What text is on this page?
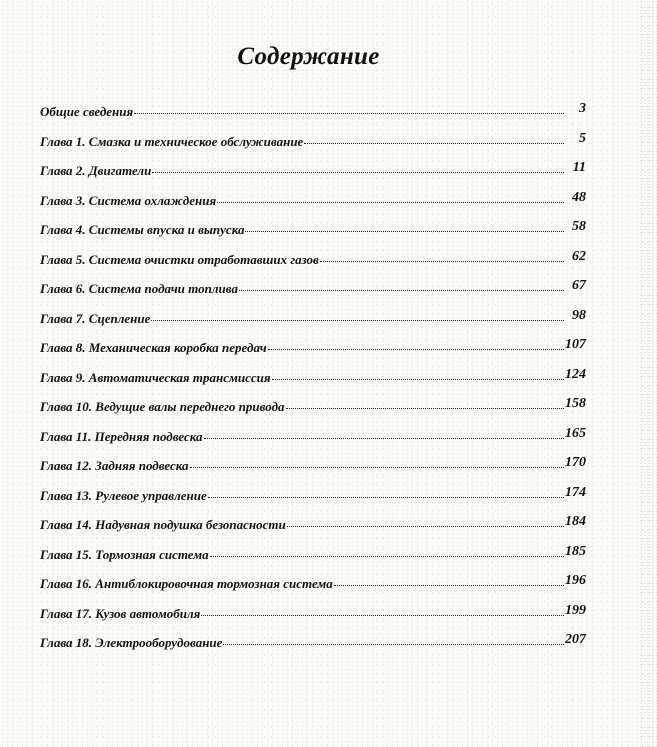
Содержание
Общие сведения	3
Глава 1. Смазка и техническое обслуживание	5
Глава 2. Двигатели	11
Глава 3. Система охлаждения	48
Глава 4. Системы впуска и выпуска	58
Глава 5. Система очистки отработавших газов	62
Глава 6. Система подачи топлива	67
Глава 7. Сцепление	98
Глава 8. Механическая коробка передач	107
Глава 9. Автоматическая трансмиссия	124
Глава 10. Ведущие валы переднего привода	158
Глава 11. Передняя подвеска	165
Глава 12. Задняя подвеска	170
Глава 13. Рулевое управление	174
Глава 14. Надувная подушка безопасности	184
Глава 15. Тормозная система	185
Глава 16. Антиблокировочная тормозная система	196
Глава 17. Кузов автомобиля	199
Глава 18. Электрооборудование	207
